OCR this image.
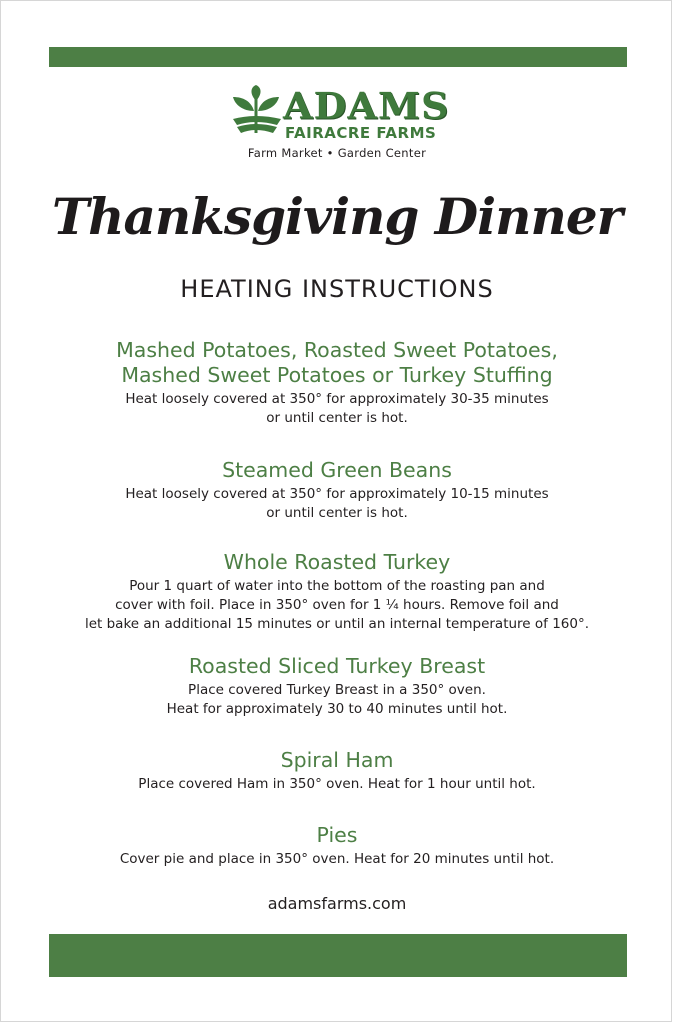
ADAMS
FAIRACRE FARMS
Farm Market • Garden Center
Thanksgiving Dinner
HEATING INSTRUCTIONS
Mashed Potatoes, Roasted Sweet Potatoes,
Mashed Sweet Potatoes or Turkey Stuffing
Heat loosely covered at 350° for approximately 30-35 minutes
or until center is hot.
Steamed Green Beans
Heat loosely covered at 350° for approximately 10-15 minutes
or until center is hot.
Whole Roasted Turkey
Pour 1 quart of water into the bottom of the roasting pan and
cover with foil. Place in 350° oven for 1 ¼ hours. Remove foil and
let bake an additional 15 minutes or until an internal temperature of 160°.
Roasted Sliced Turkey Breast
Place covered Turkey Breast in a 350° oven.
Heat for approximately 30 to 40 minutes until hot.
Spiral Ham
Place covered Ham in 350° oven. Heat for 1 hour until hot.
Pies
Cover pie and place in 350° oven. Heat for 20 minutes until hot.
adamsfarms.com
